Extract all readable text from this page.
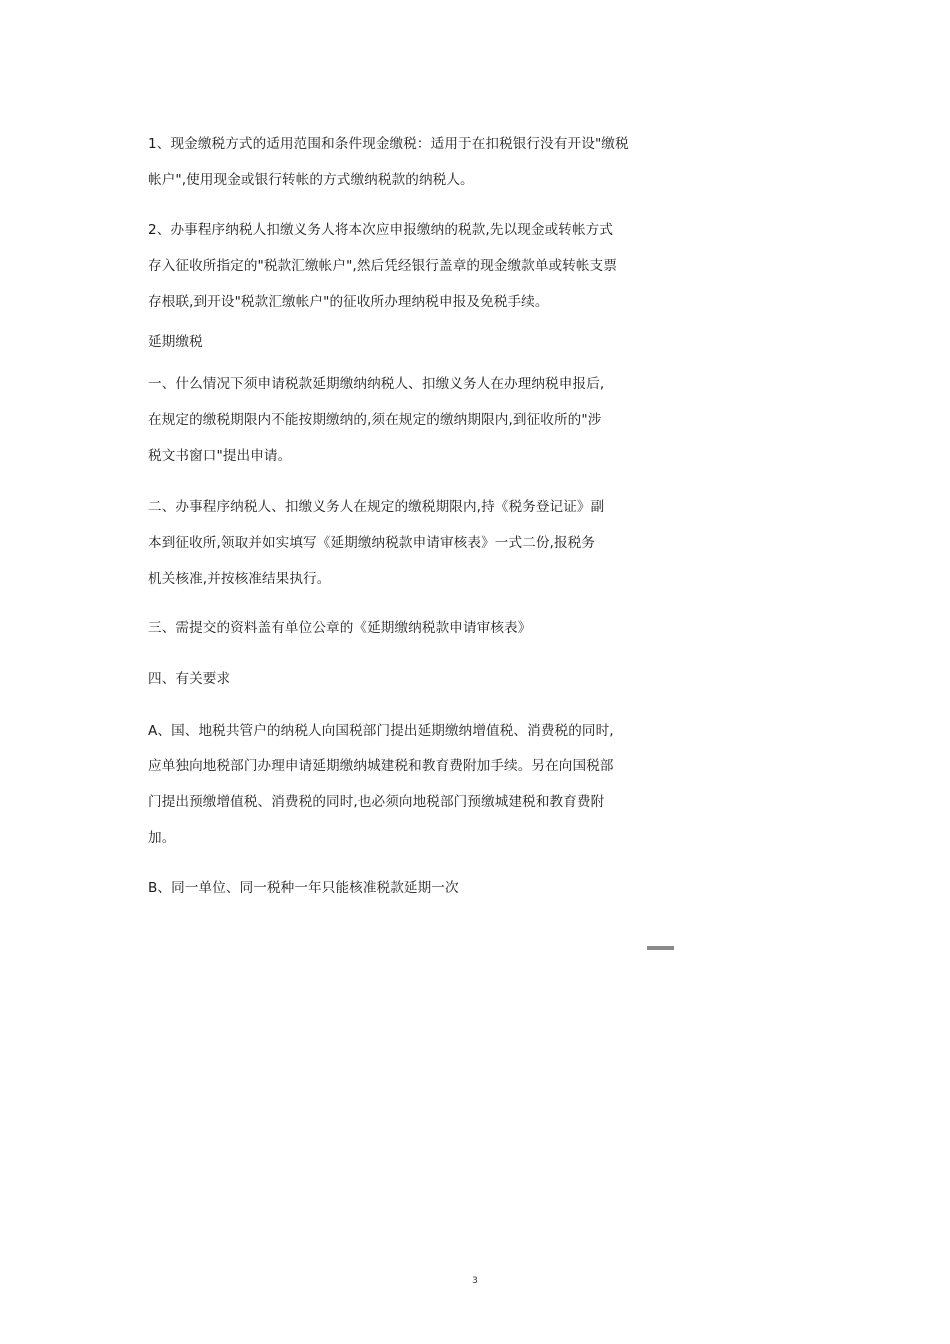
1、现金缴税方式的适用范围和条件现金缴税：适用于在扣税银行没有开设"缴税
帐户",使用现金或银行转帐的方式缴纳税款的纳税人。
2、办事程序纳税人扣缴义务人将本次应申报缴纳的税款,先以现金或转帐方式
存入征收所指定的"税款汇缴帐户",然后凭经银行盖章的现金缴款单或转帐支票
存根联,到开设"税款汇缴帐户"的征收所办理纳税申报及免税手续。
延期缴税
一、什么情况下须申请税款延期缴纳纳税人、扣缴义务人在办理纳税申报后,
在规定的缴税期限内不能按期缴纳的,须在规定的缴纳期限内,到征收所的"涉
税文书窗口"提出申请。
二、办事程序纳税人、扣缴义务人在规定的缴税期限内,持《税务登记证》副
本到征收所,领取并如实填写《延期缴纳税款申请审核表》一式二份,报税务
机关核准,并按核准结果执行。
三、需提交的资料盖有单位公章的《延期缴纳税款申请审核表》
四、有关要求
A、国、地税共管户的纳税人向国税部门提出延期缴纳增值税、消费税的同时,
应单独向地税部门办理申请延期缴纳城建税和教育费附加手续。另在向国税部
门提出预缴增值税、消费税的同时,也必须向地税部门预缴城建税和教育费附
加。
B、同一单位、同一税种一年只能核准税款延期一次
3
